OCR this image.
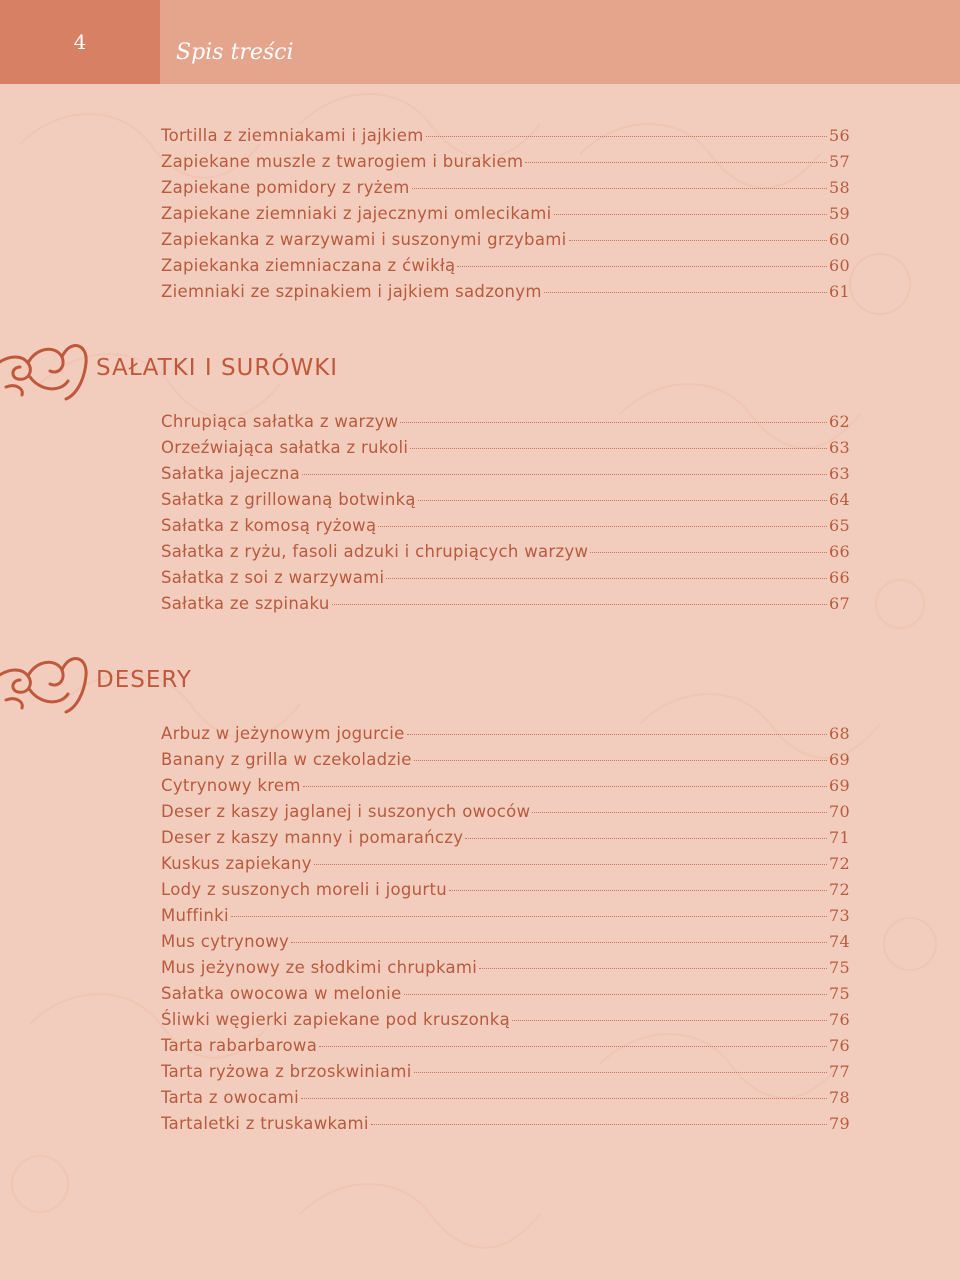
4	Spis treści
Tortilla z ziemniakami i jajkiem	56
Zapiekane muszle z twarogiem i burakiem	57
Zapiekane pomidory z ryżem	58
Zapiekane ziemniaki z jajecznymi omlecikami	59
Zapiekanka z warzywami i suszonymi grzybami	60
Zapiekanka ziemniaczana z ćwikłą	60
Ziemniaki ze szpinakiem i jajkiem sadzonym	61
SAŁATKI I SURÓWKI
Chrupiąca sałatka z warzyw	62
Orzeźwiająca sałatka z rukoli	63
Sałatka jajeczna	63
Sałatka z grillowaną botwinką	64
Sałatka z komosą ryżową	65
Sałatka z ryżu, fasoli adzuki i chrupiących warzyw	66
Sałatka z soi z warzywami	66
Sałatka ze szpinaku	67
DESERY
Arbuz w jeżynowym jogurcie	68
Banany z grilla w czekoladzie	69
Cytrynowy krem	69
Deser z kaszy jaglanej i suszonych owoców	70
Deser z kaszy manny i pomarańczy	71
Kuskus zapiekany	72
Lody z suszonych moreli i jogurtu	72
Muffinki	73
Mus cytrynowy	74
Mus jeżynowy ze słodkimi chrupkami	75
Sałatka owocowa w melonie	75
Śliwki węgierki zapiekane pod kruszonką	76
Tarta rabarbarowa	76
Tarta ryżowa z brzoskwiniami	77
Tarta z owocami	78
Tartaletki z truskawkami	79
